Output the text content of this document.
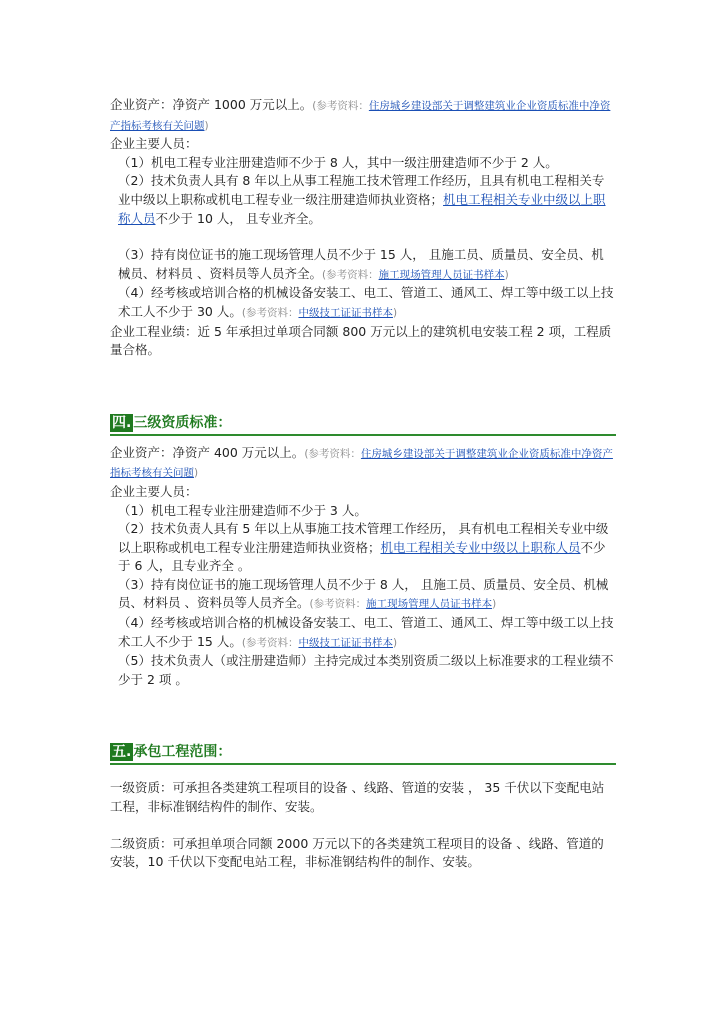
企业资产：净资产 1000 万元以上。(参考资料：住房城乡建设部关于调整建筑业企业资质标准中净资产指标考核有关问题)

企业主要人员：

（1）机电工程专业注册建造师不少于 8 人，其中一级注册建造师不少于 2 人。

（2）技术负责人具有 8 年以上从事工程施工技术管理工作经历，且具有机电工程相关专业中级以上职称或机电工程专业一级注册建造师执业资格；机电工程相关专业中级以上职称人员不少于 10 人， 且专业齐全。

（3）持有岗位证书的施工现场管理人员不少于 15 人， 且施工员、质量员、安全员、机械员、材料员 、资料员等人员齐全。(参考资料：施工现场管理人员证书样本)

（4）经考核或培训合格的机械设备安装工、电工、管道工、通风工、焊工等中级工以上技术工人不少于 30 人。(参考资料：中级技工证证书样本)

企业工程业绩：近 5 年承担过单项合同额 800 万元以上的建筑机电安装工程 2 项，工程质量合格。

四. 三级资质标准：

企业资产：净资产 400 万元以上。(参考资料：住房城乡建设部关于调整建筑业企业资质标准中净资产指标考核有关问题)

企业主要人员：

（1）机电工程专业注册建造师不少于 3 人。

（2）技术负责人具有 5 年以上从事施工技术管理工作经历， 具有机电工程相关专业中级以上职称或机电工程专业注册建造师执业资格；机电工程相关专业中级以上职称人员不少于 6 人，且专业齐全 。

（3）持有岗位证书的施工现场管理人员不少于 8 人， 且施工员、质量员、安全员、机械员、材料员 、资料员等人员齐全。(参考资料：施工现场管理人员证书样本)

（4）经考核或培训合格的机械设备安装工、电工、管道工、通风工、焊工等中级工以上技术工人不少于 15 人。(参考资料：中级技工证证书样本)

（5）技术负责人（或注册建造师）主持完成过本类别资质二级以上标准要求的工程业绩不少于 2 项 。

五. 承包工程范围：

一级资质：可承担各类建筑工程项目的设备 、线路、管道的安装 ， 35 千伏以下变配电站工程，非标准钢结构件的制作、安装。

二级资质：可承担单项合同额 2000 万元以下的各类建筑工程项目的设备 、线路、管道的安装，10 千伏以下变配电站工程，非标准钢结构件的制作、安装。
